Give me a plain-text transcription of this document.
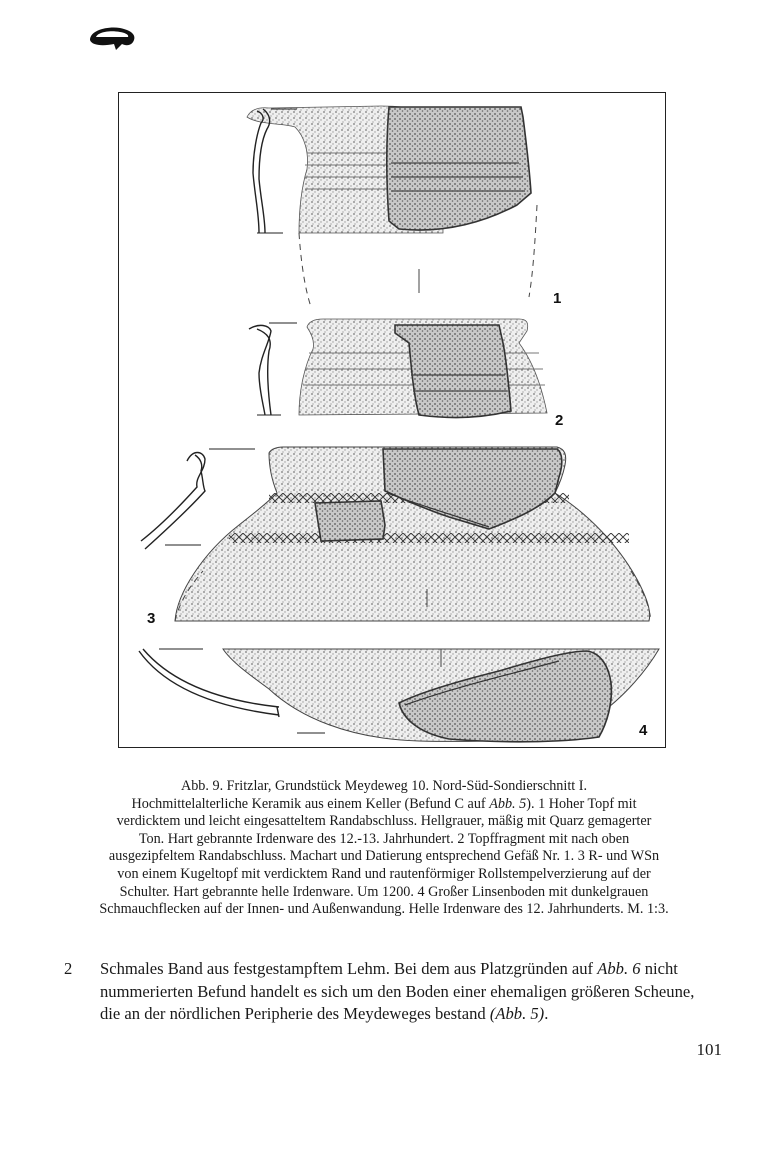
1
2
3
4
Abb. 9. Fritzlar, Grundstück Meydeweg 10. Nord-Süd-Sondierschnitt I.
Hochmittelalterliche Keramik aus einem Keller (Befund C auf Abb. 5). 1 Hoher Topf mit
verdicktem und leicht eingesatteltem Randabschluss. Hellgrauer, mäßig mit Quarz gemagerter
Ton. Hart gebrannte Irdenware des 12.-13. Jahrhundert. 2 Topffragment mit nach oben
ausgezipfeltem Randabschluss. Machart und Datierung entsprechend Gefäß Nr. 1. 3 R- und WSn
von einem Kugeltopf mit verdicktem Rand und rautenförmiger Rollstempelverzierung auf der
Schulter. Hart gebrannte helle Irdenware. Um 1200. 4 Großer Linsenboden mit dunkelgrauen
Schmauchflecken auf der Innen- und Außenwandung. Helle Irdenware des 12. Jahrhunderts. M. 1:3.
2 Schmales Band aus festgestampftem Lehm. Bei dem aus Platzgründen auf Abb. 6 nicht
nummerierten Befund handelt es sich um den Boden einer ehemaligen größeren Scheune,
die an der nördlichen Peripherie des Meydeweges bestand (Abb. 5).
101
